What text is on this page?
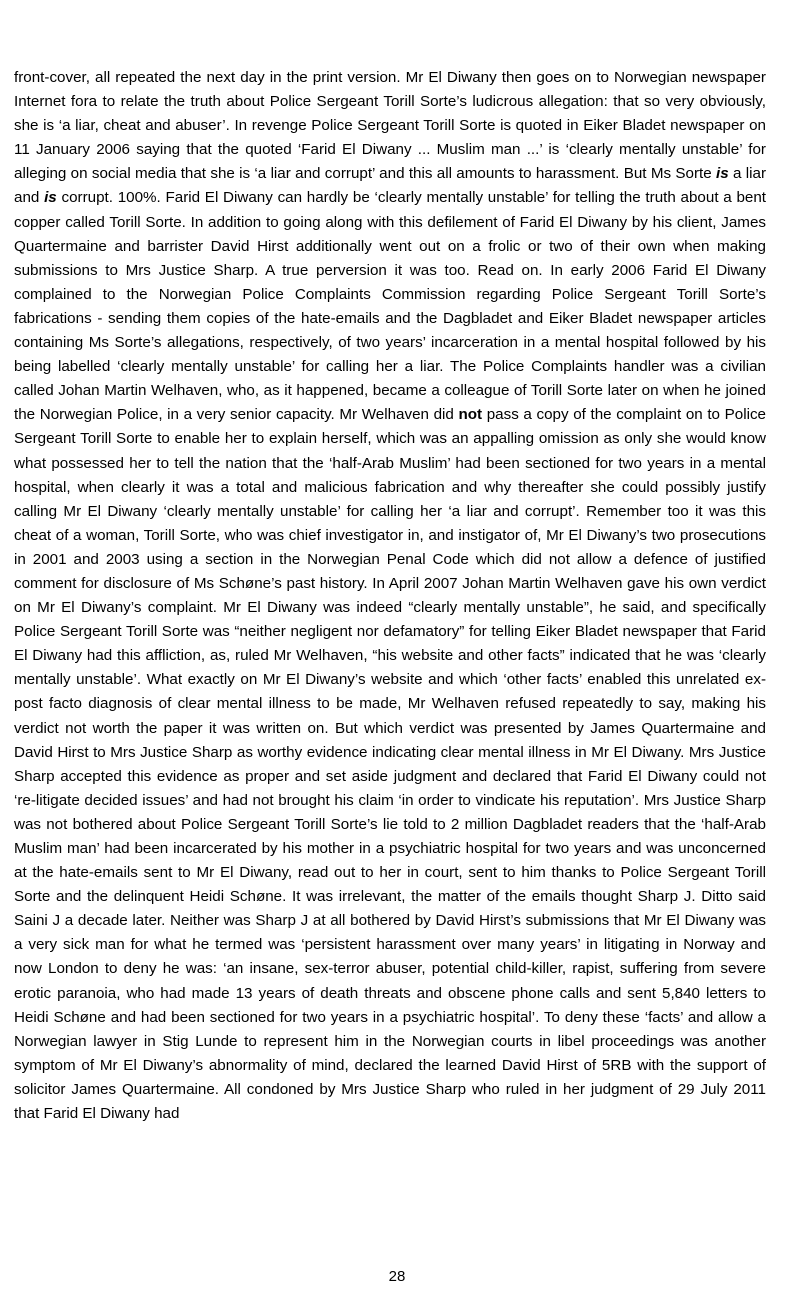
front-cover, all repeated the next day in the print version. Mr El Diwany then goes on to Norwegian newspaper Internet fora to relate the truth about Police Sergeant Torill Sorte’s ludicrous allegation: that so very obviously, she is ‘a liar, cheat and abuser’. In revenge Police Sergeant Torill Sorte is quoted in Eiker Bladet newspaper on 11 January 2006 saying that the quoted ‘Farid El Diwany ... Muslim man ...’ is ‘clearly mentally unstable’ for alleging on social media that she is ‘a liar and corrupt’ and this all amounts to harassment. But Ms Sorte is a liar and is corrupt. 100%. Farid El Diwany can hardly be ‘clearly mentally unstable’ for telling the truth about a bent copper called Torill Sorte. In addition to going along with this defilement of Farid El Diwany by his client, James Quartermaine and barrister David Hirst additionally went out on a frolic or two of their own when making submissions to Mrs Justice Sharp. A true perversion it was too. Read on. In early 2006 Farid El Diwany complained to the Norwegian Police Complaints Commission regarding Police Sergeant Torill Sorte’s fabrications - sending them copies of the hate-emails and the Dagbladet and Eiker Bladet newspaper articles containing Ms Sorte’s allegations, respectively, of two years’ incarceration in a mental hospital followed by his being labelled ‘clearly mentally unstable’ for calling her a liar. The Police Complaints handler was a civilian called Johan Martin Welhaven, who, as it happened, became a colleague of Torill Sorte later on when he joined the Norwegian Police, in a very senior capacity. Mr Welhaven did not pass a copy of the complaint on to Police Sergeant Torill Sorte to enable her to explain herself, which was an appalling omission as only she would know what possessed her to tell the nation that the ‘half-Arab Muslim’ had been sectioned for two years in a mental hospital, when clearly it was a total and malicious fabrication and why thereafter she could possibly justify calling Mr El Diwany ‘clearly mentally unstable’ for calling her ‘a liar and corrupt’. Remember too it was this cheat of a woman, Torill Sorte, who was chief investigator in, and instigator of, Mr El Diwany’s two prosecutions in 2001 and 2003 using a section in the Norwegian Penal Code which did not allow a defence of justified comment for disclosure of Ms Schøne’s past history. In April 2007 Johan Martin Welhaven gave his own verdict on Mr El Diwany’s complaint. Mr El Diwany was indeed “clearly mentally unstable”, he said, and specifically Police Sergeant Torill Sorte was “neither negligent nor defamatory” for telling Eiker Bladet newspaper that Farid El Diwany had this affliction, as, ruled Mr Welhaven, “his website and other facts” indicated that he was ‘clearly mentally unstable’. What exactly on Mr El Diwany’s website and which ‘other facts’ enabled this unrelated ex-post facto diagnosis of clear mental illness to be made, Mr Welhaven refused repeatedly to say, making his verdict not worth the paper it was written on. But which verdict was presented by James Quartermaine and David Hirst to Mrs Justice Sharp as worthy evidence indicating clear mental illness in Mr El Diwany. Mrs Justice Sharp accepted this evidence as proper and set aside judgment and declared that Farid El Diwany could not ‘re-litigate decided issues’ and had not brought his claim ‘in order to vindicate his reputation’. Mrs Justice Sharp was not bothered about Police Sergeant Torill Sorte’s lie told to 2 million Dagbladet readers that the ‘half-Arab Muslim man’ had been incarcerated by his mother in a psychiatric hospital for two years and was unconcerned at the hate-emails sent to Mr El Diwany, read out to her in court, sent to him thanks to Police Sergeant Torill Sorte and the delinquent Heidi Schøne. It was irrelevant, the matter of the emails thought Sharp J. Ditto said Saini J a decade later. Neither was Sharp J at all bothered by David Hirst’s submissions that Mr El Diwany was a very sick man for what he termed was ‘persistent harassment over many years’ in litigating in Norway and now London to deny he was: ‘an insane, sex-terror abuser, potential child-killer, rapist, suffering from severe erotic paranoia, who had made 13 years of death threats and obscene phone calls and sent 5,840 letters to Heidi Schøne and had been sectioned for two years in a psychiatric hospital’. To deny these ‘facts’ and allow a Norwegian lawyer in Stig Lunde to represent him in the Norwegian courts in libel proceedings was another symptom of Mr El Diwany’s abnormality of mind, declared the learned David Hirst of 5RB with the support of solicitor James Quartermaine. All condoned by Mrs Justice Sharp who ruled in her judgment of 29 July 2011 that Farid El Diwany had

28
